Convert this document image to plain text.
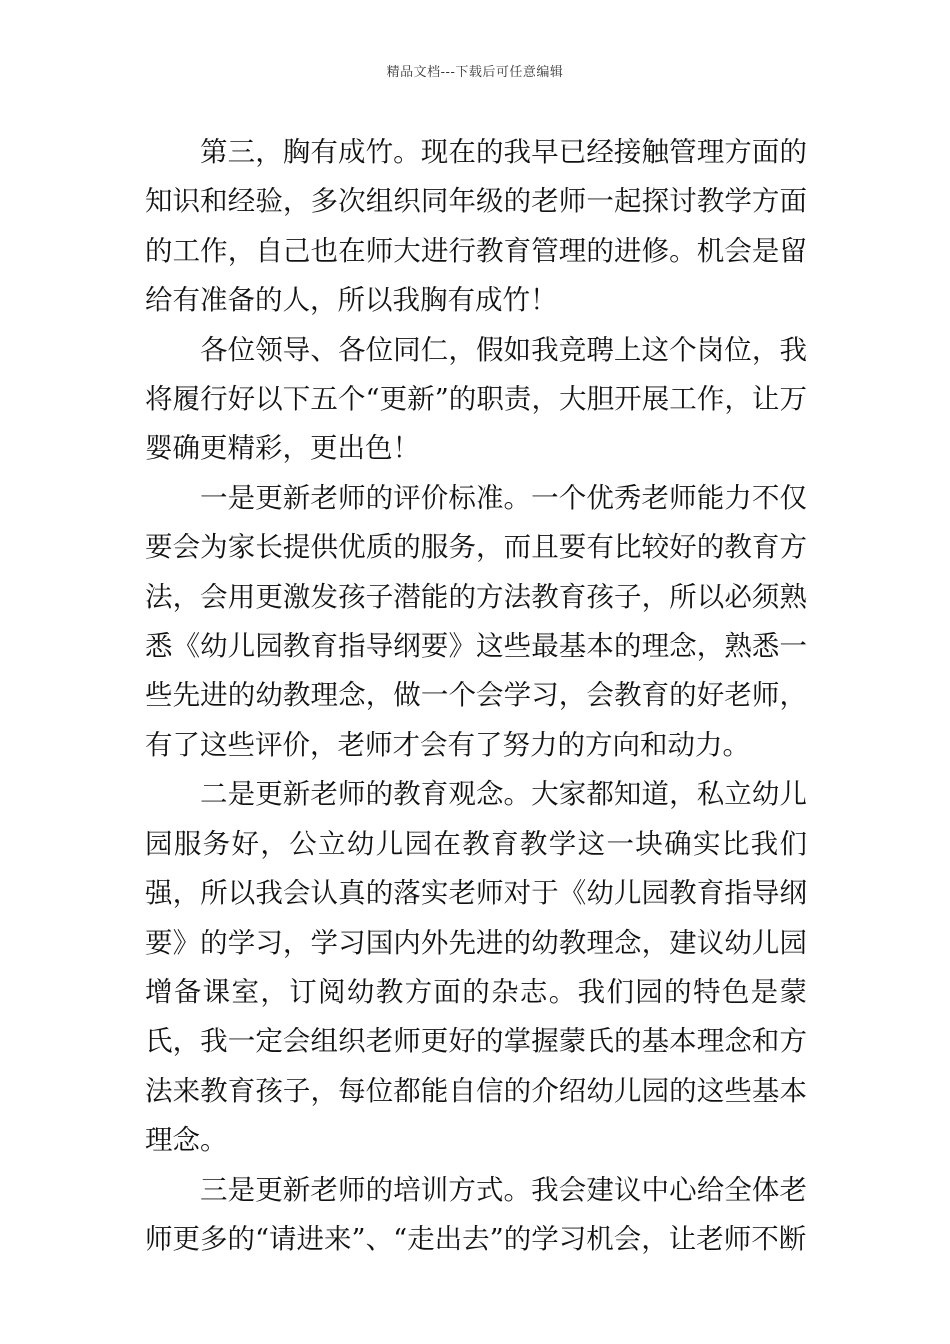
精品文档---下载后可任意编辑

第三，胸有成竹。现在的我早已经接触管理方面的知识和经验，多次组织同年级的老师一起探讨教学方面的工作，自己也在师大进行教育管理的进修。机会是留给有准备的人，所以我胸有成竹！

各位领导、各位同仁，假如我竞聘上这个岗位，我将履行好以下五个“更新”的职责，大胆开展工作，让万婴确更精彩，更出色！

一是更新老师的评价标准。一个优秀老师能力不仅要会为家长提供优质的服务，而且要有比较好的教育方法，会用更激发孩子潜能的方法教育孩子，所以必须熟悉《幼儿园教育指导纲要》这些最基本的理念，熟悉一些先进的幼教理念，做一个会学习，会教育的好老师，有了这些评价，老师才会有了努力的方向和动力。

二是更新老师的教育观念。大家都知道，私立幼儿园服务好，公立幼儿园在教育教学这一块确实比我们强，所以我会认真的落实老师对于《幼儿园教育指导纲要》的学习，学习国内外先进的幼教理念，建议幼儿园增备课室，订阅幼教方面的杂志。我们园的特色是蒙氏，我一定会组织老师更好的掌握蒙氏的基本理念和方法来教育孩子，每位都能自信的介绍幼儿园的这些基本理念。

三是更新老师的培训方式。我会建议中心给全体老师更多的“请进来”、“走出去”的学习机会，让老师不断
